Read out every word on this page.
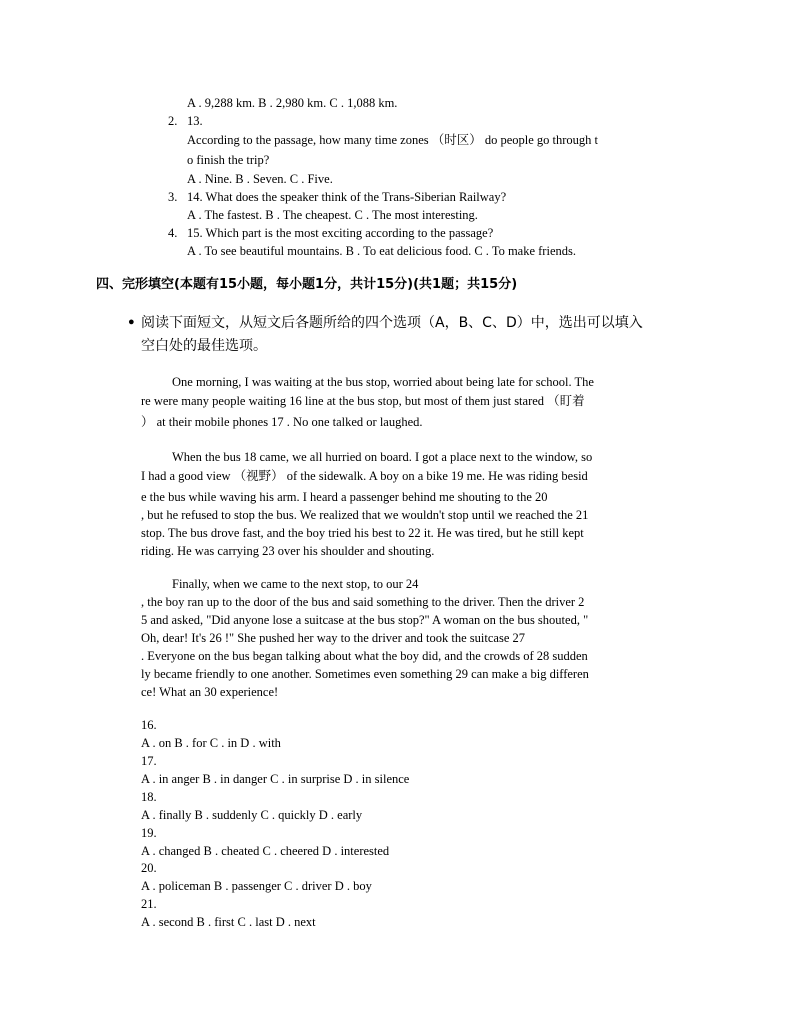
A . 9,288 km. B . 2,980 km. C . 1,088 km.
2. 13.
According to the passage, how many time zones （时区） do people go through t
o finish the trip?
A . Nine. B . Seven. C . Five.
3. 14. What does the speaker think of the Trans-Siberian Railway?
A . The fastest. B . The cheapest. C . The most interesting.
4. 15. Which part is the most exciting according to the passage?
A . To see beautiful mountains. B . To eat delicious food. C . To make friends.
四、完形填空(本题有15小题，每小题1分，共计15分)(共1题；共15分)
● 阅读下面短文，从短文后各题所给的四个选项（A，B、C、D）中，选出可以填入
空白处的最佳选项。
One morning, I was waiting at the bus stop, worried about being late for school. The
re were many people waiting 16 line at the bus stop, but most of them just stared （盯着
） at their mobile phones 17 . No one talked or laughed.
When the bus 18 came, we all hurried on board. I got a place next to the window, so
I had a good view （视野） of the sidewalk. A boy on a bike 19 me. He was riding besid
e the bus while waving his arm. I heard a passenger behind me shouting to the 20
, but he refused to stop the bus. We realized that we wouldn't stop until we reached the 21
stop. The bus drove fast, and the boy tried his best to 22 it. He was tired, but he still kept
riding. He was carrying 23 over his shoulder and shouting.
Finally, when we came to the next stop, to our 24
, the boy ran up to the door of the bus and said something to the driver. Then the driver 2
5 and asked, "Did anyone lose a suitcase at the bus stop?" A woman on the bus shouted, "
Oh, dear! It's 26 !" She pushed her way to the driver and took the suitcase 27
. Everyone on the bus began talking about what the boy did, and the crowds of 28 sudden
ly became friendly to one another. Sometimes even something 29 can make a big differen
ce! What an 30 experience!
16.
A . on B . for C . in D . with
17.
A . in anger B . in danger C . in surprise D . in silence
18.
A . finally B . suddenly C . quickly D . early
19.
A . changed B . cheated C . cheered D . interested
20.
A . policeman B . passenger C . driver D . boy
21.
A . second B . first C . last D . next
